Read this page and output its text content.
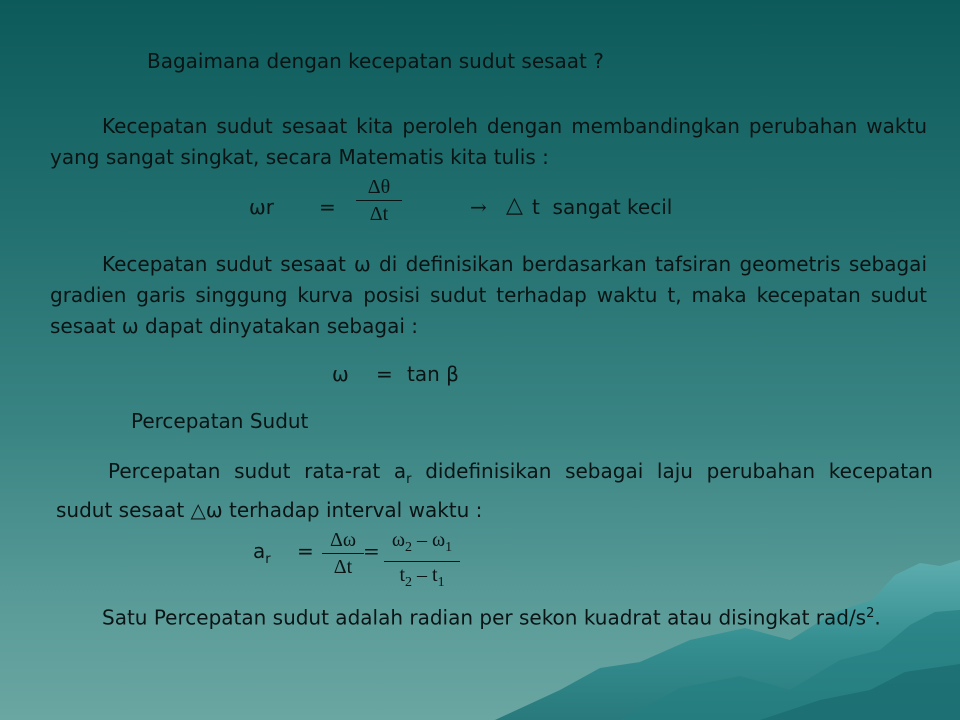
Bagaimana dengan kecepatan sudut sesaat ?

Kecepatan sudut sesaat kita peroleh dengan membandingkan perubahan waktu yang sangat singkat, secara Matematis kita tulis :

ωr =
Δθ
Δt	→ △ t  sangat kecil

Kecepatan sudut sesaat ω di definisikan berdasarkan tafsiran geometris sebagai gradien garis singgung kurva posisi sudut terhadap waktu t, maka kecepatan sudut sesaat ω dapat dinyatakan sebagai :

ω = tan β
Percepatan Sudut

Percepatan sudut rata-rat $a_r$ didefinisikan sebagai laju perubahan kecepatan sudut sesaat △ω terhadap interval waktu :

$a_r = \Delta\omega$
Δt
= $\omega_2 - \omega_1$
$t_2 - t_1$

Satu Percepatan sudut adalah radian per sekon kuadrat atau disingkat rad/$s^2$.
